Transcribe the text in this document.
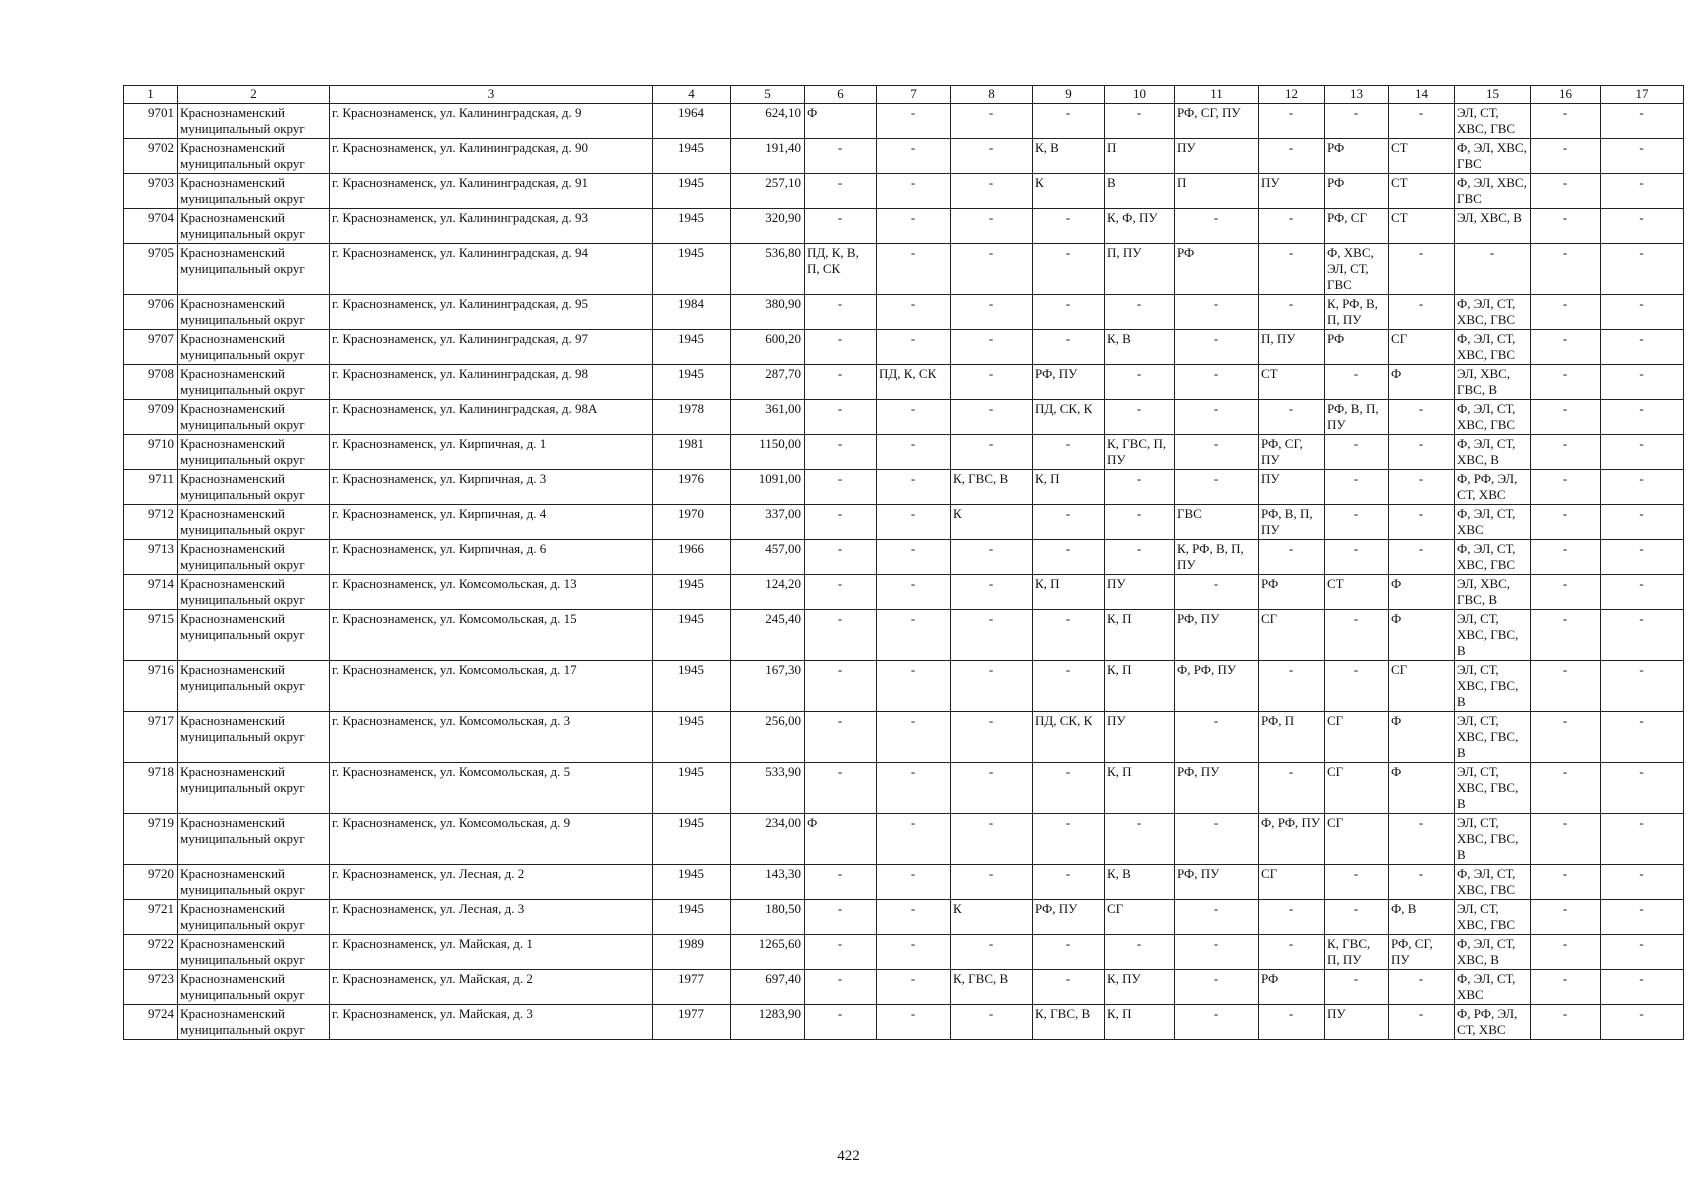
1	2	3	4	5	6	7	8	9	10	11	12	13	14	15	16	17
9701	Краснознаменский муниципальный округ	г. Краснознаменск, ул. Калининградская, д. 9	1964	624,10	Ф	-	-	-	-	РФ, СГ, ПУ	-	-	-	ЭЛ, СТ, ХВС, ГВС	-	-
9702	Краснознаменский муниципальный округ	г. Краснознаменск, ул. Калининградская, д. 90	1945	191,40	-	-	-	К, В	П	ПУ	-	РФ	СТ	Ф, ЭЛ, ХВС, ГВС	-	-
9703	Краснознаменский муниципальный округ	г. Краснознаменск, ул. Калининградская, д. 91	1945	257,10	-	-	-	К	В	П	ПУ	РФ	СТ	Ф, ЭЛ, ХВС, ГВС	-	-
9704	Краснознаменский муниципальный округ	г. Краснознаменск, ул. Калининградская, д. 93	1945	320,90	-	-	-	-	К, Ф, ПУ	-	-	РФ, СГ	СТ	ЭЛ, ХВС, В	-	-
9705	Краснознаменский муниципальный округ	г. Краснознаменск, ул. Калининградская, д. 94	1945	536,80	ПД, К, В, П, СК	-	-	-	П, ПУ	РФ	-	Ф, ХВС, ЭЛ, СТ, ГВС	-	-	-	-
9706	Краснознаменский муниципальный округ	г. Краснознаменск, ул. Калининградская, д. 95	1984	380,90	-	-	-	-	-	-	-	К, РФ, В, П, ПУ	-	Ф, ЭЛ, СТ, ХВС, ГВС	-	-
9707	Краснознаменский муниципальный округ	г. Краснознаменск, ул. Калининградская, д. 97	1945	600,20	-	-	-	-	К, В	-	П, ПУ	РФ	СГ	Ф, ЭЛ, СТ, ХВС, ГВС	-	-
9708	Краснознаменский муниципальный округ	г. Краснознаменск, ул. Калининградская, д. 98	1945	287,70	-	ПД, К, СК	-	РФ, ПУ	-	-	СТ	-	Ф	ЭЛ, ХВС, ГВС, В	-	-
9709	Краснознаменский муниципальный округ	г. Краснознаменск, ул. Калининградская, д. 98А	1978	361,00	-	-	-	ПД, СК, К	-	-	-	РФ, В, П, ПУ	-	Ф, ЭЛ, СТ, ХВС, ГВС	-	-
9710	Краснознаменский муниципальный округ	г. Краснознаменск, ул. Кирпичная, д. 1	1981	1150,00	-	-	-	-	К, ГВС, П, ПУ	-	РФ, СГ, ПУ	-	-	Ф, ЭЛ, СТ, ХВС, В	-	-
9711	Краснознаменский муниципальный округ	г. Краснознаменск, ул. Кирпичная, д. 3	1976	1091,00	-	-	К, ГВС, В	К, П	-	-	ПУ	-	-	Ф, РФ, ЭЛ, СТ, ХВС	-	-
9712	Краснознаменский муниципальный округ	г. Краснознаменск, ул. Кирпичная, д. 4	1970	337,00	-	-	К	-	-	ГВС	РФ, В, П, ПУ	-	-	Ф, ЭЛ, СТ, ХВС	-	-
9713	Краснознаменский муниципальный округ	г. Краснознаменск, ул. Кирпичная, д. 6	1966	457,00	-	-	-	-	-	К, РФ, В, П, ПУ	-	-	-	Ф, ЭЛ, СТ, ХВС, ГВС	-	-
9714	Краснознаменский муниципальный округ	г. Краснознаменск, ул. Комсомольская, д. 13	1945	124,20	-	-	-	К, П	ПУ	-	РФ	СТ	Ф	ЭЛ, ХВС, ГВС, В	-	-
9715	Краснознаменский муниципальный округ	г. Краснознаменск, ул. Комсомольская, д. 15	1945	245,40	-	-	-	-	К, П	РФ, ПУ	СГ	-	Ф	ЭЛ, СТ, ХВС, ГВС, В	-	-
9716	Краснознаменский муниципальный округ	г. Краснознаменск, ул. Комсомольская, д. 17	1945	167,30	-	-	-	-	К, П	Ф, РФ, ПУ	-	-	СГ	ЭЛ, СТ, ХВС, ГВС, В	-	-
9717	Краснознаменский муниципальный округ	г. Краснознаменск, ул. Комсомольская, д. 3	1945	256,00	-	-	-	ПД, СК, К	ПУ	-	РФ, П	СГ	Ф	ЭЛ, СТ, ХВС, ГВС, В	-	-
9718	Краснознаменский муниципальный округ	г. Краснознаменск, ул. Комсомольская, д. 5	1945	533,90	-	-	-	-	К, П	РФ, ПУ	-	СГ	Ф	ЭЛ, СТ, ХВС, ГВС, В	-	-
9719	Краснознаменский муниципальный округ	г. Краснознаменск, ул. Комсомольская, д. 9	1945	234,00	Ф	-	-	-	-	-	Ф, РФ, ПУ	СГ	-	ЭЛ, СТ, ХВС, ГВС, В	-	-
9720	Краснознаменский муниципальный округ	г. Краснознаменск, ул. Лесная, д. 2	1945	143,30	-	-	-	-	К, В	РФ, ПУ	СГ	-	-	Ф, ЭЛ, СТ, ХВС, ГВС	-	-
9721	Краснознаменский муниципальный округ	г. Краснознаменск, ул. Лесная, д. 3	1945	180,50	-	-	К	РФ, ПУ	СГ	-	-	-	Ф, В	ЭЛ, СТ, ХВС, ГВС	-	-
9722	Краснознаменский муниципальный округ	г. Краснознаменск, ул. Майская, д. 1	1989	1265,60	-	-	-	-	-	-	-	К, ГВС, П, ПУ	РФ, СГ, ПУ	Ф, ЭЛ, СТ, ХВС, В	-	-
9723	Краснознаменский муниципальный округ	г. Краснознаменск, ул. Майская, д. 2	1977	697,40	-	-	К, ГВС, В	-	К, ПУ	-	РФ	-	-	Ф, ЭЛ, СТ, ХВС	-	-
9724	Краснознаменский муниципальный округ	г. Краснознаменск, ул. Майская, д. 3	1977	1283,90	-	-	-	К, ГВС, В	К, П	-	-	ПУ	-	Ф, РФ, ЭЛ, СТ, ХВС	-	-
422
